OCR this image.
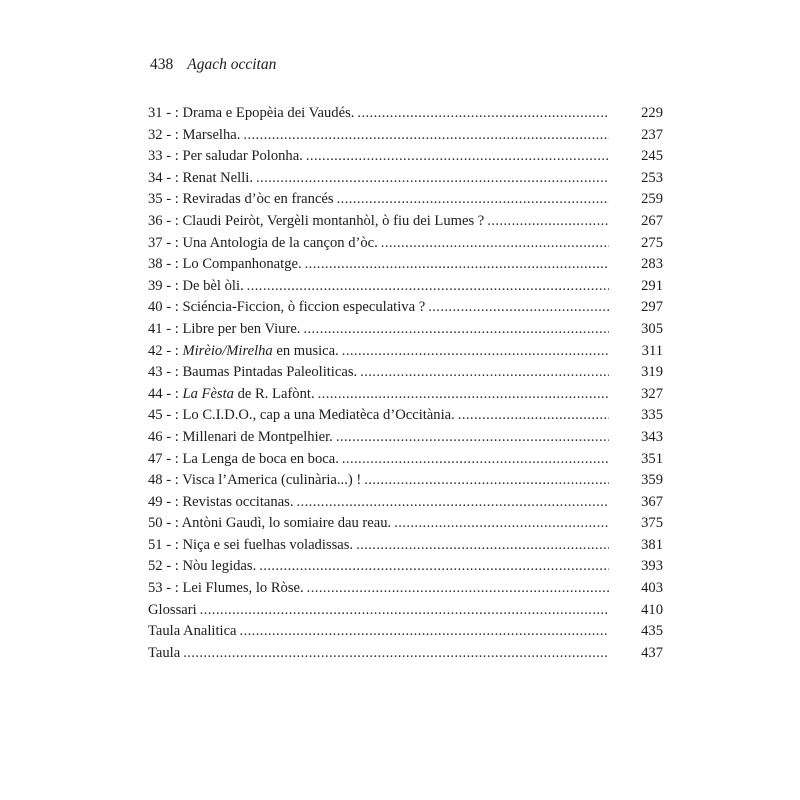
438 Agach occitan
31 - : Drama e Epopèia dei Vaudés. .....	229
32 - : Marselha. .....	237
33 - : Per saludar Polonha. .....	245
34 - : Renat Nelli. .....	253
35 - : Reviradas d’òc en francés .....	259
36 - : Claudi Peiròt, Vergèli montanhòl, ò fiu dei Lumes ? .....	267
37 - : Una Antologia de la cançon d’òc. .....	275
38 - : Lo Companhonatge. .....	283
39 - : De bèl òli. .....	291
40 - : Sciéncia-Ficcion, ò ficcion especulativa ? .....	297
41 - : Libre per ben Viure. .....	305
42 - : Mirèio/Mirelha en musica. .....	311
43 - : Baumas Pintadas Paleoliticas. .....	319
44 - : La Fèsta de R. Lafònt. .....	327
45 - : Lo C.I.D.O., cap a una Mediatèca d’Occitània. .....	335
46 - : Millenari de Montpelhier. .....	343
47 - : La Lenga de boca en boca. .....	351
48 - : Visca l’America (culinària...) ! .....	359
49 - : Revistas occitanas. .....	367
50 - : Antòni Gaudì, lo somiaire dau reau. .....	375
51 - : Niça e sei fuelhas voladissas. .....	381
52 - : Nòu legidas. .....	393
53 - : Lei Flumes, lo Ròse. .....	403
Glossari .....	410
Taula Analitica .....	435
Taula .....	437
